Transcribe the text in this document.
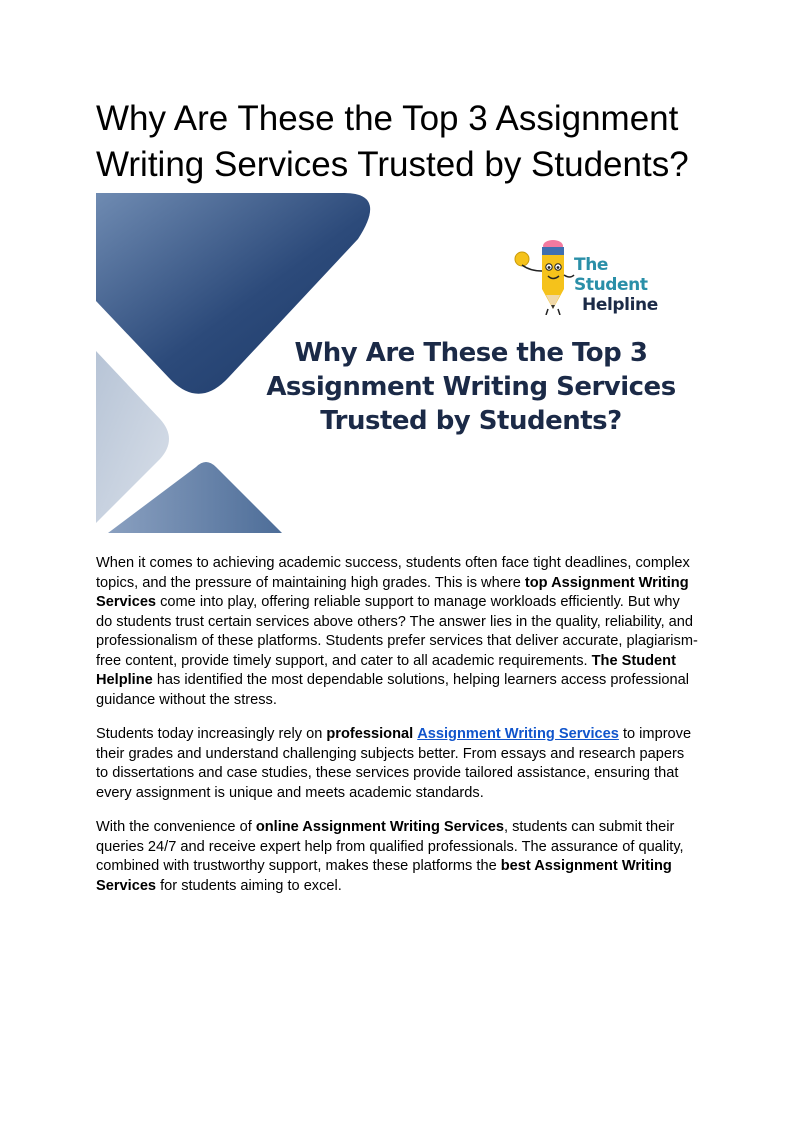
Why Are These the Top 3 Assignment Writing Services Trusted by Students?
The Student
Helpline
Why Are These the Top 3
Assignment Writing Services
Trusted by Students?

When it comes to achieving academic success, students often face tight deadlines, complex topics, and the pressure of maintaining high grades. This is where top Assignment Writing Services come into play, offering reliable support to manage workloads efficiently. But why do students trust certain services above others? The answer lies in the quality, reliability, and professionalism of these platforms. Students prefer services that deliver accurate, plagiarism-free content, provide timely support, and cater to all academic requirements. The Student Helpline has identified the most dependable solutions, helping learners access professional guidance without the stress.

Students today increasingly rely on professional Assignment Writing Services to improve their grades and understand challenging subjects better. From essays and research papers to dissertations and case studies, these services provide tailored assistance, ensuring that every assignment is unique and meets academic standards.

With the convenience of online Assignment Writing Services, students can submit their queries 24/7 and receive expert help from qualified professionals. The assurance of quality, combined with trustworthy support, makes these platforms the best Assignment Writing Services for students aiming to excel.
